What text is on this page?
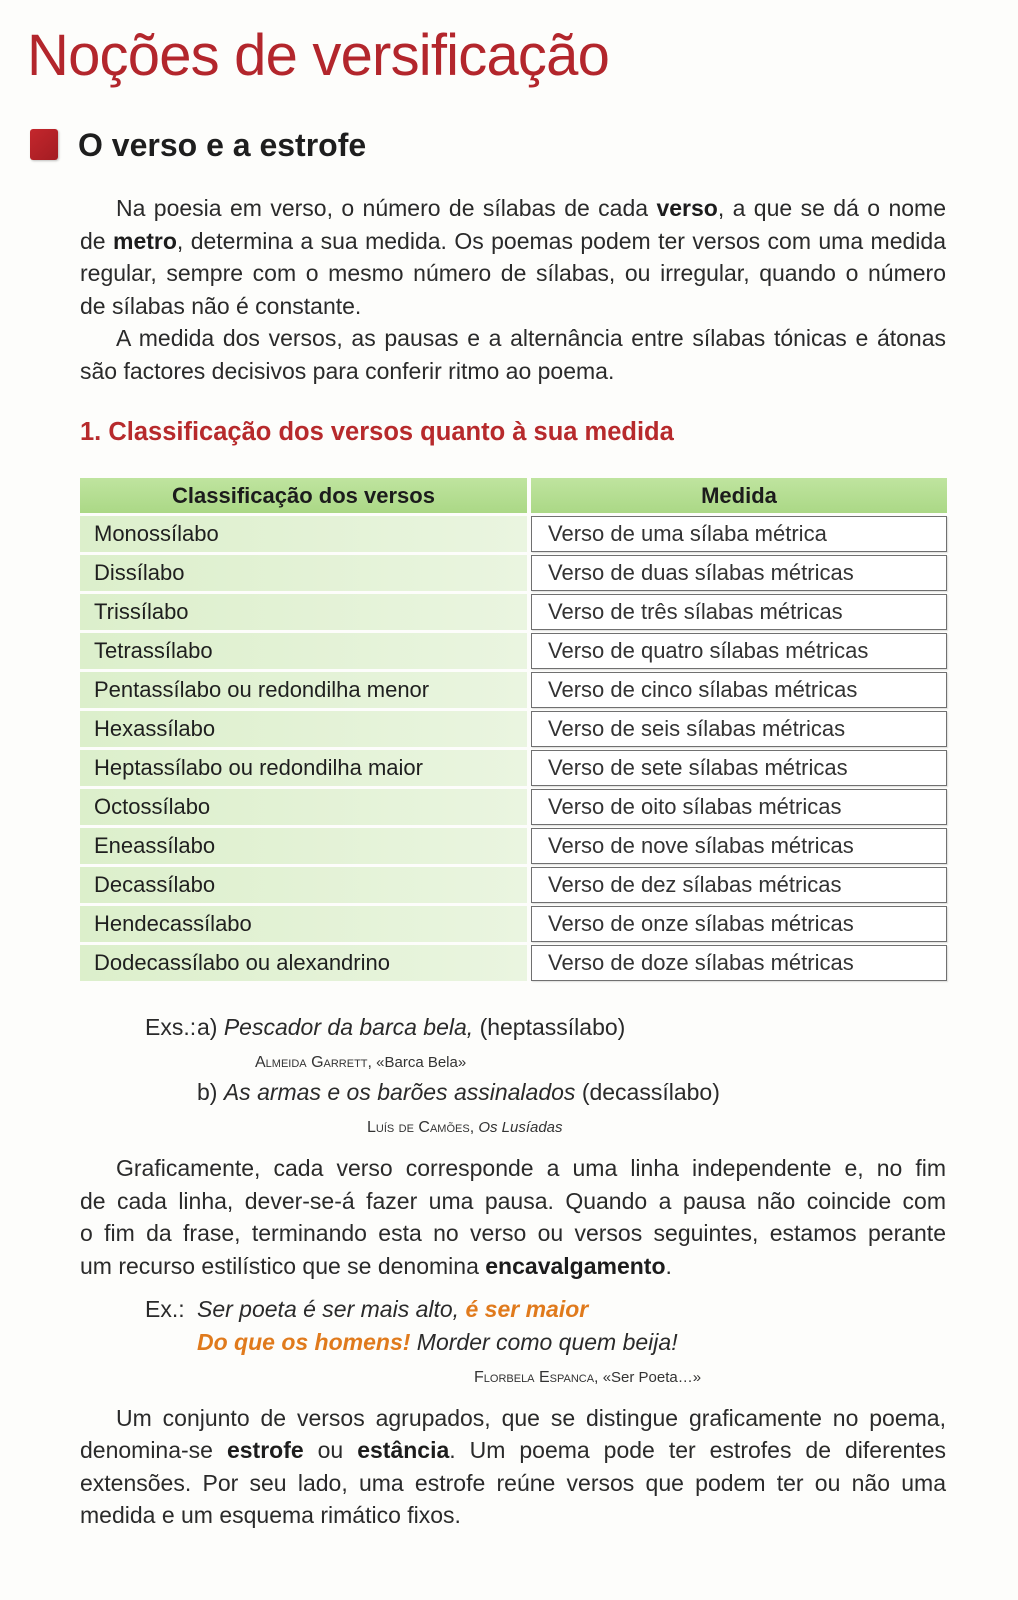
Noções de versificação
O verso e a estrofe
Na poesia em verso, o número de sílabas de cada verso, a que se dá o nome
de metro, determina a sua medida. Os poemas podem ter versos com uma medida
regular, sempre com o mesmo número de sílabas, ou irregular, quando o número
de sílabas não é constante.
A medida dos versos, as pausas e a alternância entre sílabas tónicas e átonas
são factores decisivos para conferir ritmo ao poema.
1. Classificação dos versos quanto à sua medida
Classificação dos versos	Medida
Monossílabo	Verso de uma sílaba métrica
Dissílabo	Verso de duas sílabas métricas
Trissílabo	Verso de três sílabas métricas
Tetrassílabo	Verso de quatro sílabas métricas
Pentassílabo ou redondilha menor	Verso de cinco sílabas métricas
Hexassílabo	Verso de seis sílabas métricas
Heptassílabo ou redondilha maior	Verso de sete sílabas métricas
Octossílabo	Verso de oito sílabas métricas
Eneassílabo	Verso de nove sílabas métricas
Decassílabo	Verso de dez sílabas métricas
Hendecassílabo	Verso de onze sílabas métricas
Dodecassílabo ou alexandrino	Verso de doze sílabas métricas
Exs.: a) Pescador da barca bela, (heptassílabo)
Almeida Garrett, «Barca Bela»
b) As armas e os barões assinalados (decassílabo)
Luís de Camões, Os Lusíadas
Graficamente, cada verso corresponde a uma linha independente e, no fim
de cada linha, dever-se-á fazer uma pausa. Quando a pausa não coincide com
o fim da frase, terminando esta no verso ou versos seguintes, estamos perante
um recurso estilístico que se denomina encavalgamento.
Ex.: Ser poeta é ser mais alto, é ser maior
Do que os homens! Morder como quem beija!
Florbela Espanca, «Ser Poeta…»
Um conjunto de versos agrupados, que se distingue graficamente no poema,
denomina-se estrofe ou estância. Um poema pode ter estrofes de diferentes
extensões. Por seu lado, uma estrofe reúne versos que podem ter ou não uma
medida e um esquema rimático fixos.
